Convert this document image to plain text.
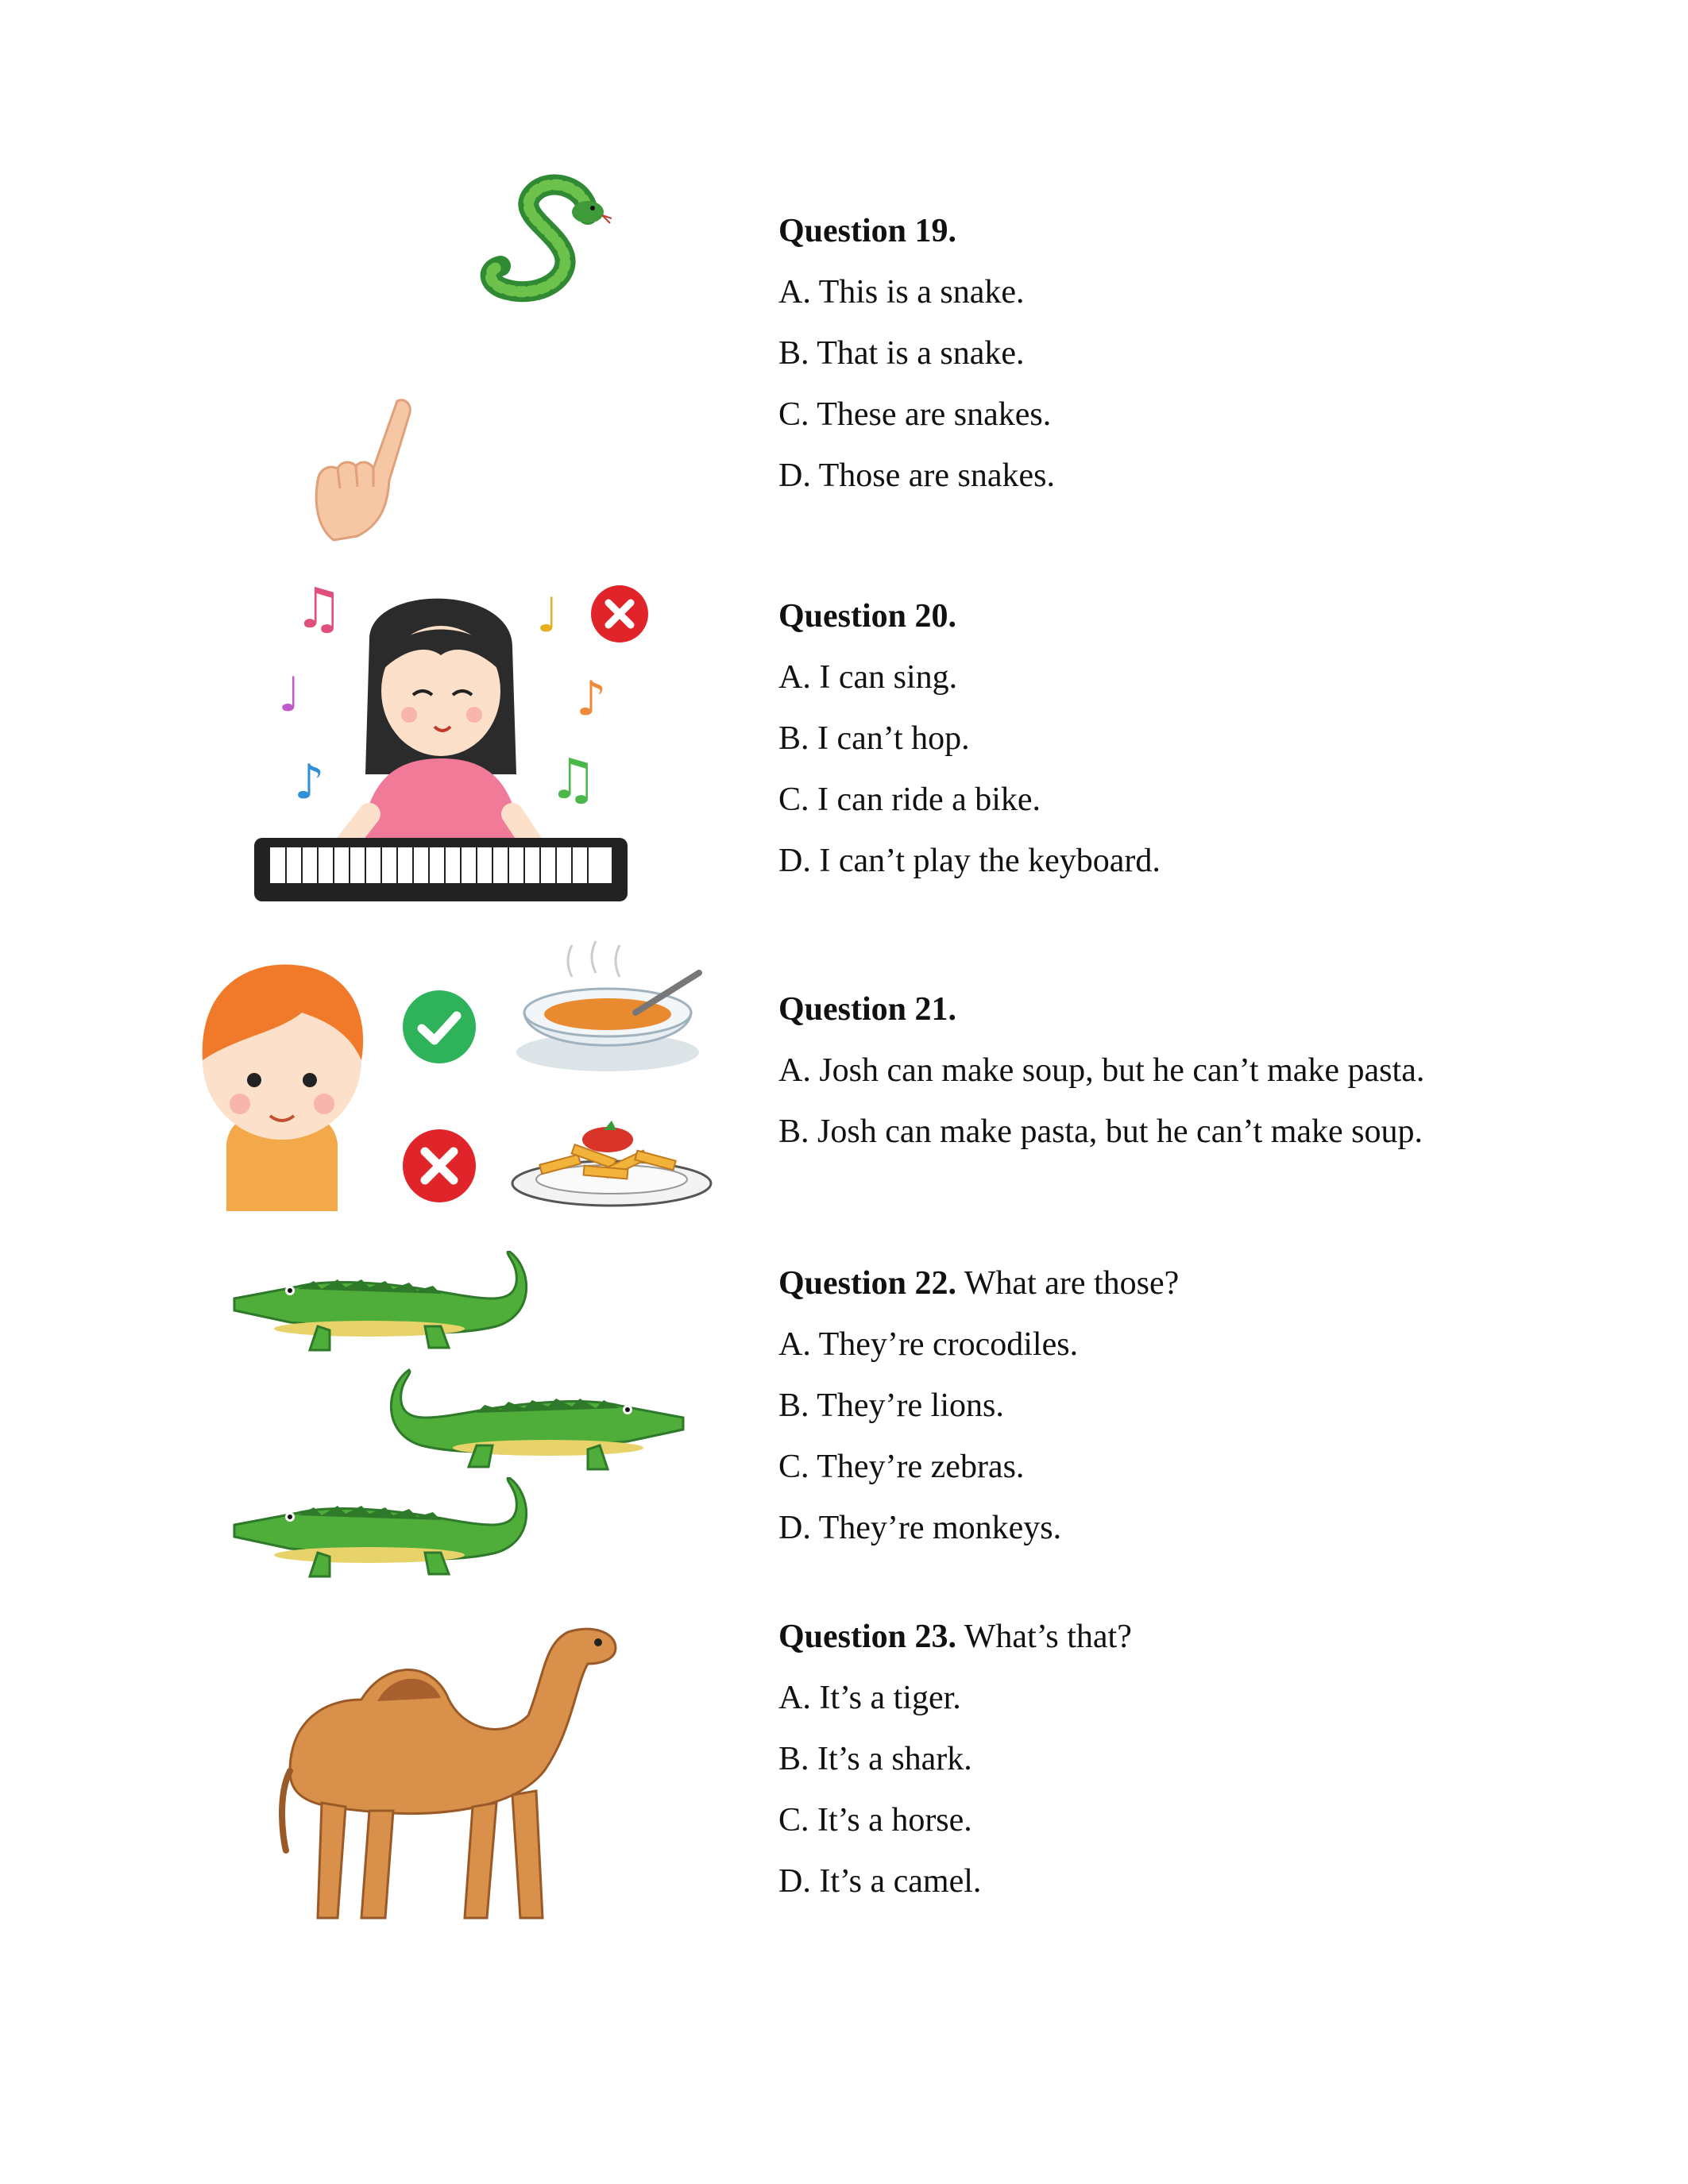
♫
♩
♪
♩
♪
♫
Question 19.
A. This is a snake.
B. That is a snake.
C. These are snakes.
D. Those are snakes.
Question 20.
A. I can sing.
B. I can’t hop.
C. I can ride a bike.
D. I can’t play the keyboard.
Question 21.
A. Josh can make soup, but he can’t make pasta.
B. Josh can make pasta, but he can’t make soup.
Question 22. What are those?
A. They’re crocodiles.
B. They’re lions.
C. They’re zebras.
D. They’re monkeys.
Question 23. What’s that?
A. It’s a tiger.
B. It’s a shark.
C. It’s a horse.
D. It’s a camel.
